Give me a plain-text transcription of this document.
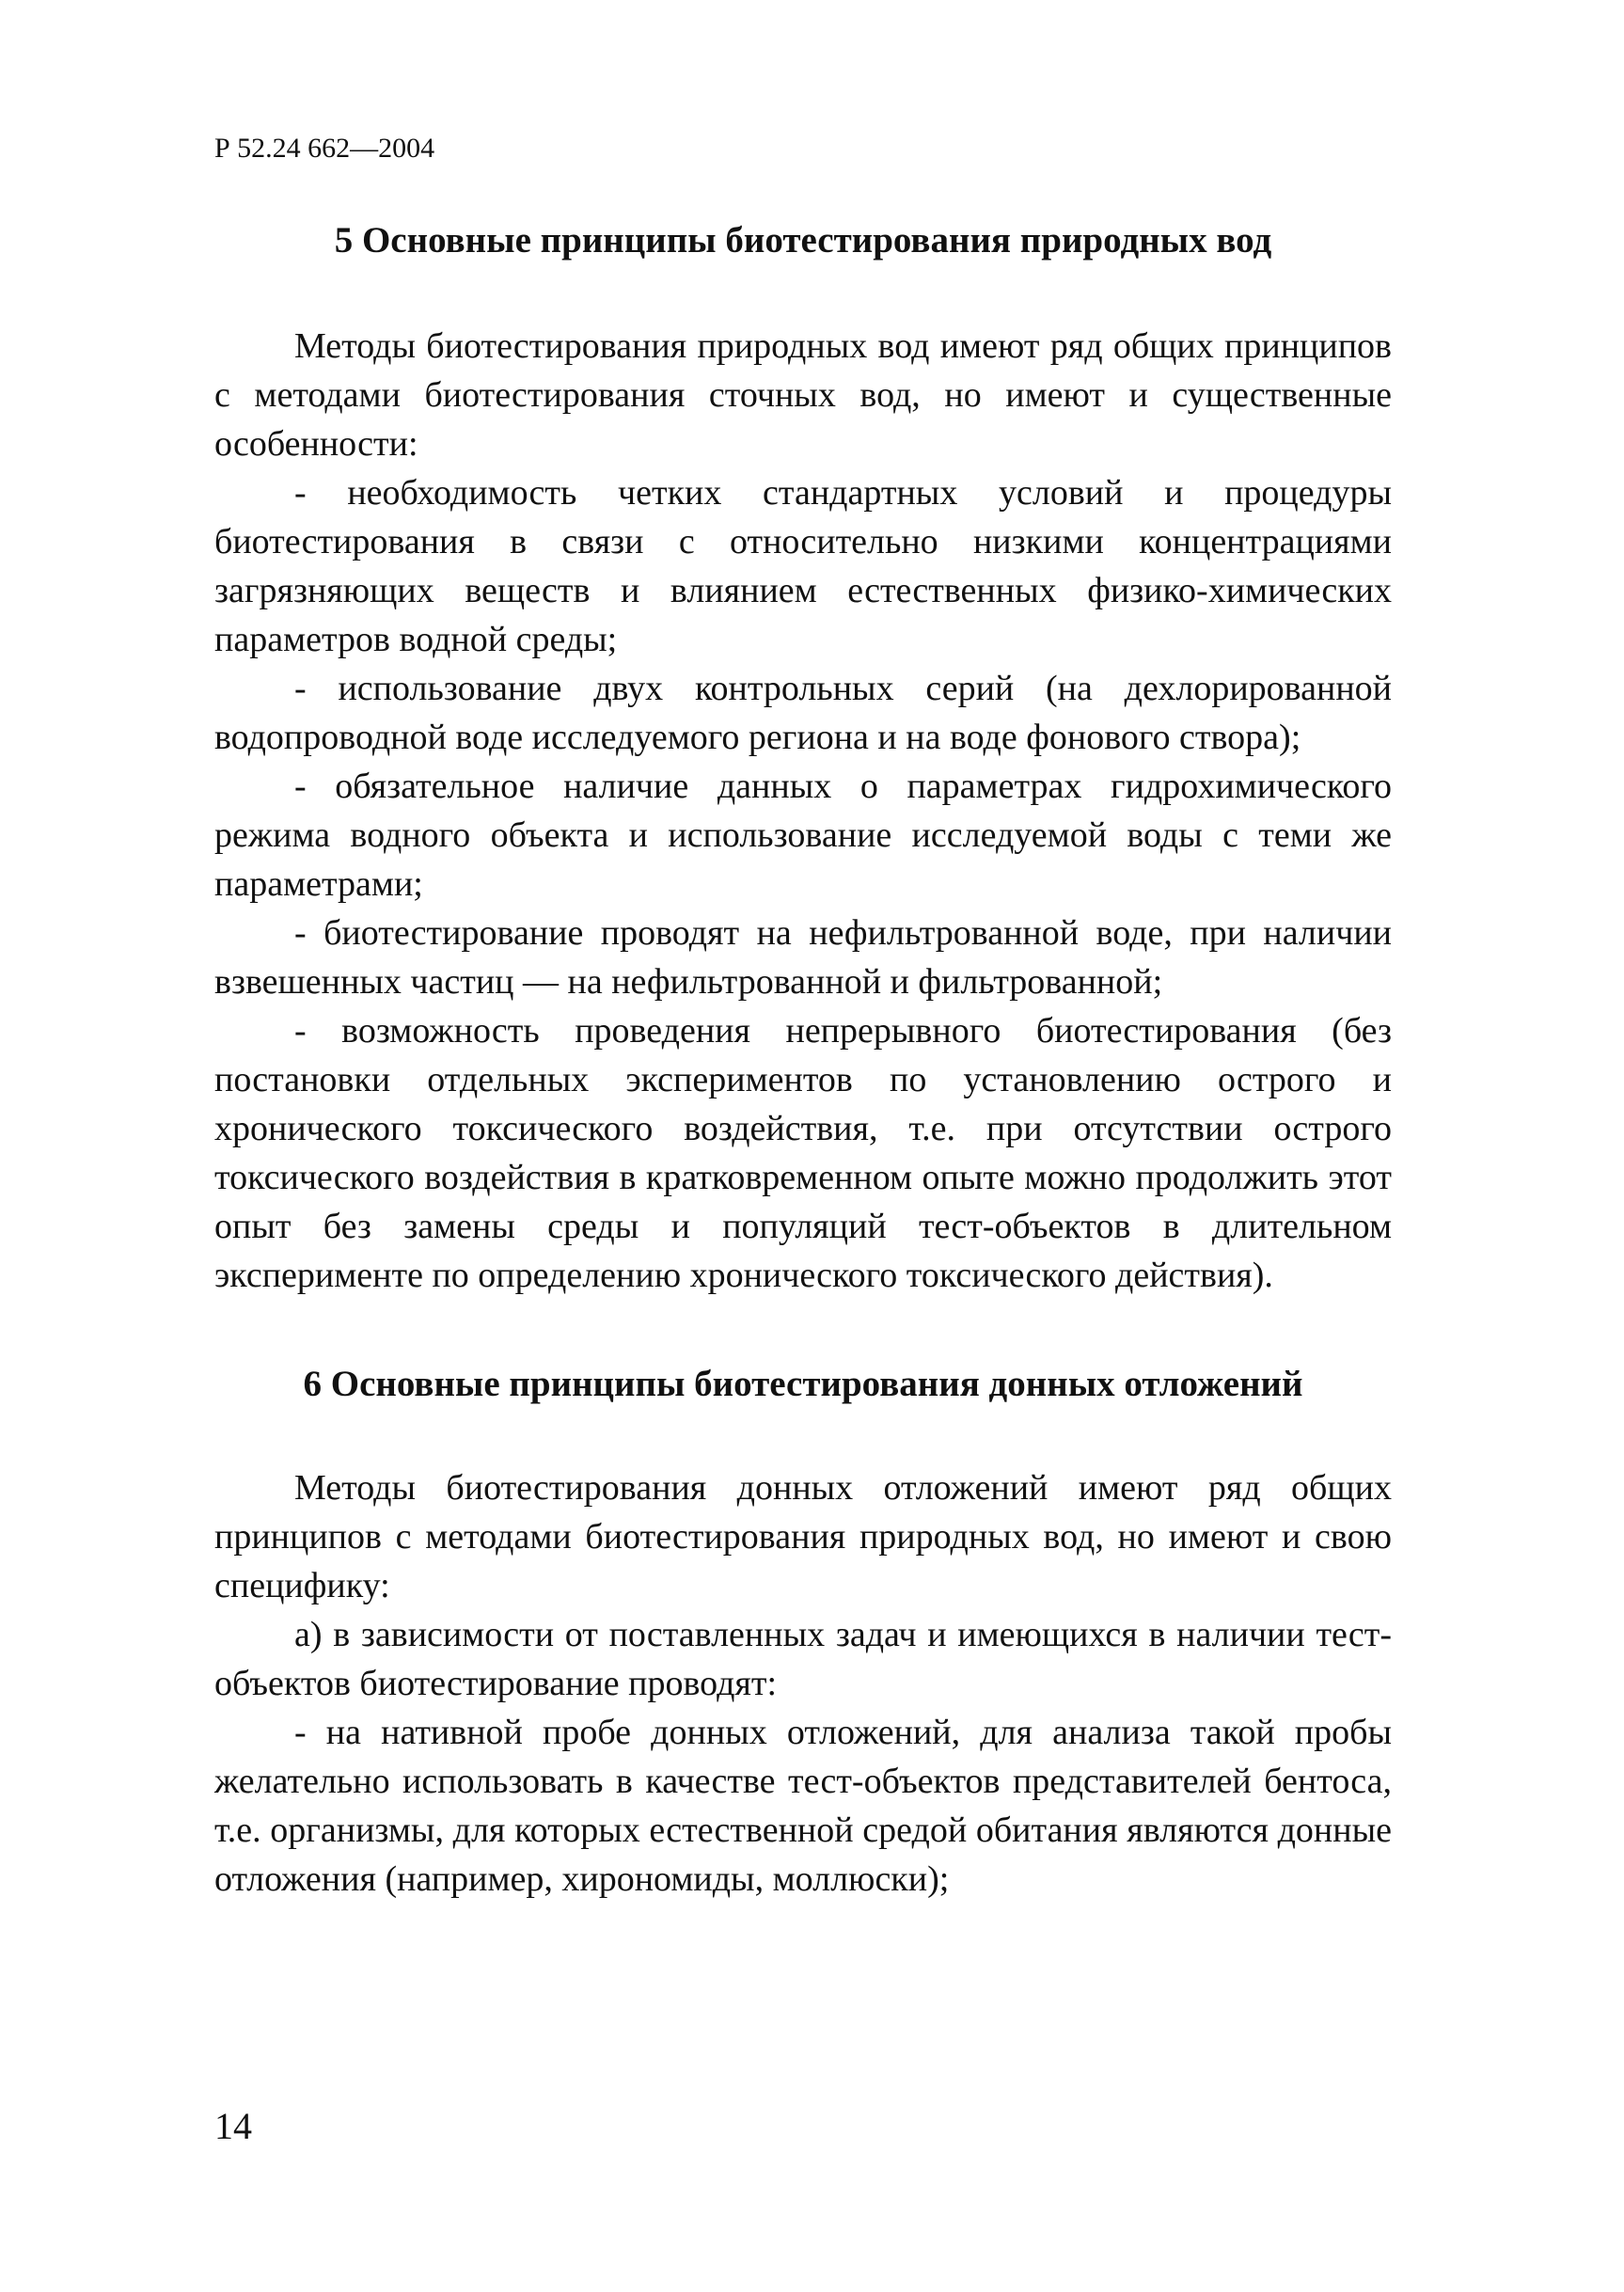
Р 52.24 662—2004
5 Основные принципы биотестирования природных вод

Методы биотестирования природных вод имеют ряд общих принципов с методами биотестирования сточных вод, но имеют и существенные особенности:

- необходимость четких стандартных условий и процедуры биотестирования в связи с относительно низкими концентрациями загрязняющих веществ и влиянием естественных физико-химических параметров водной среды;

- использование двух контрольных серий (на дехлорированной водопроводной воде исследуемого региона и на воде фонового створа);

- обязательное наличие данных о параметрах гидрохимического режима водного объекта и использование исследуемой воды с теми же параметрами;

- биотестирование проводят на нефильтрованной воде, при наличии взвешенных частиц — на нефильтрованной и фильтрованной;

- возможность проведения непрерывного биотестирования (без постановки отдельных экспериментов по установлению острого и хронического токсического воздействия, т.е. при отсутствии острого токсического воздействия в кратковременном опыте можно продолжить этот опыт без замены среды и популяций тест-объектов в длительном эксперименте по определению хронического токсического действия).

6 Основные принципы биотестирования донных отложений

Методы биотестирования донных отложений имеют ряд общих принципов с методами биотестирования природных вод, но имеют и свою специфику:

а) в зависимости от поставленных задач и имеющихся в наличии тест-объектов биотестирование проводят:

- на нативной пробе донных отложений, для анализа такой пробы желательно использовать в качестве тест-объектов представителей бентоса, т.е. организмы, для которых естественной средой обитания являются донные отложения (например, хирономиды, моллюски);

14
